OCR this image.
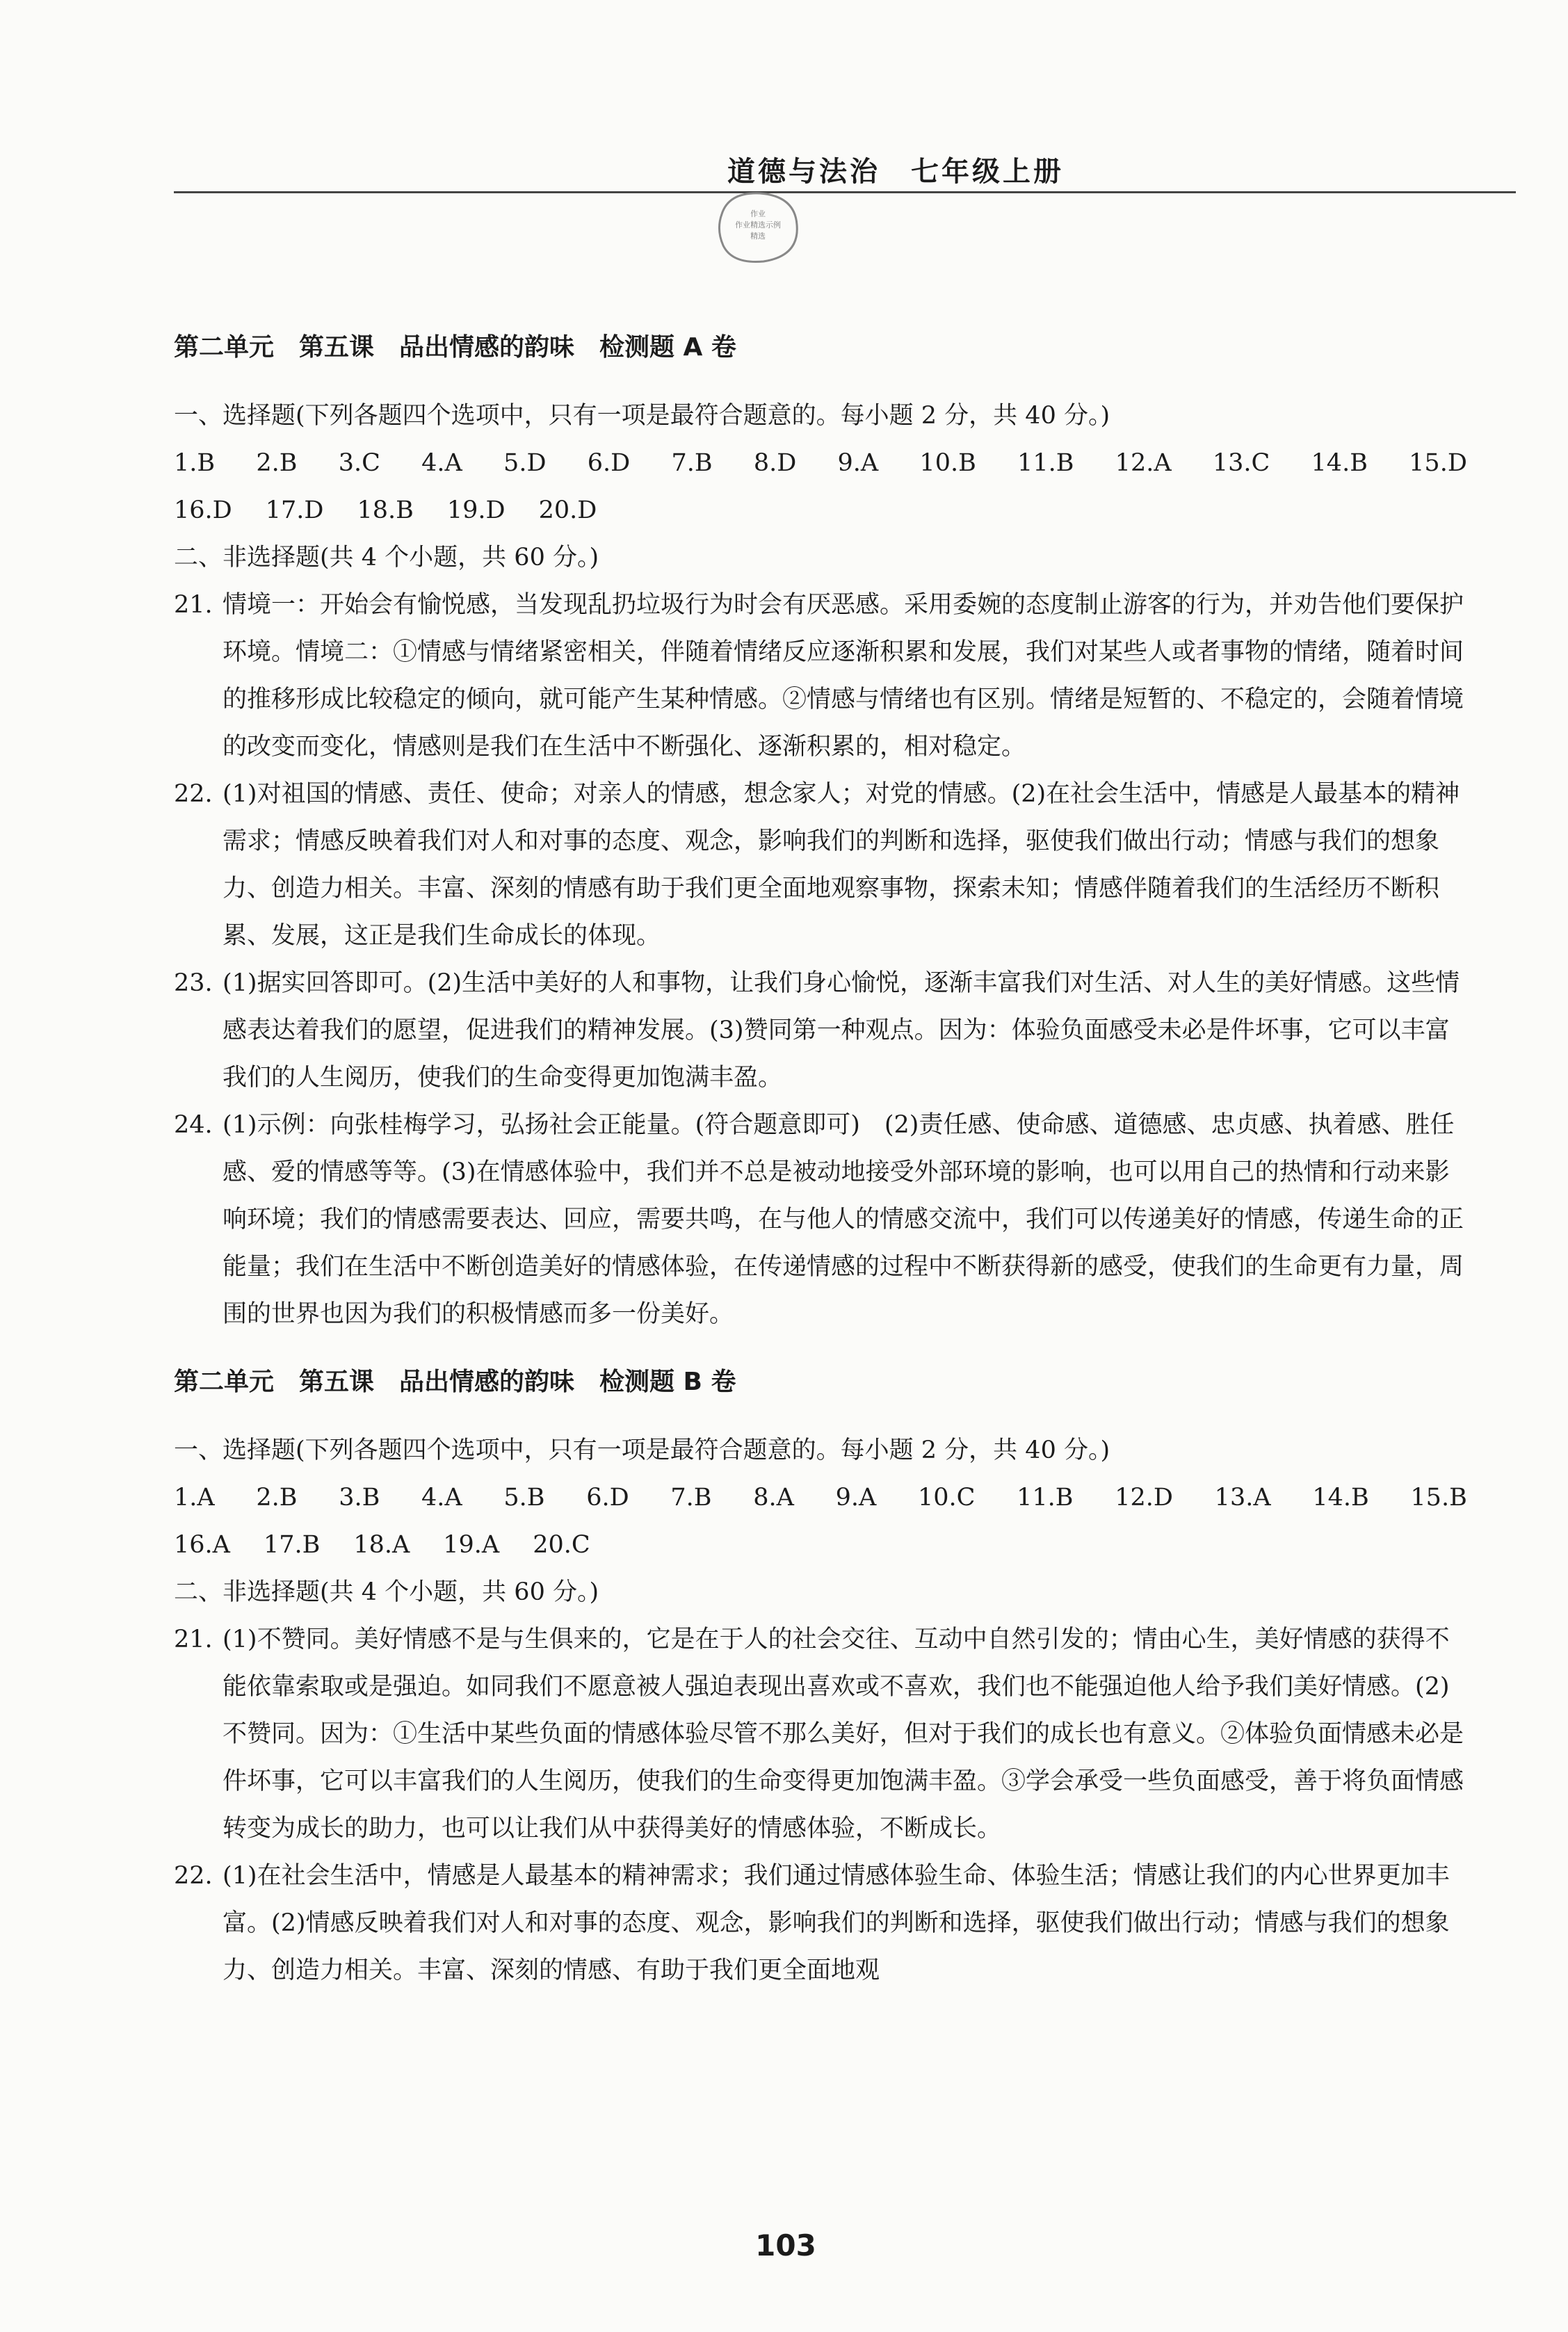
道德与法治　七年级上册
作业
作业精选示例
精选
第二单元　第五课　品出情感的韵味　检测题 A 卷
一、选择题(下列各题四个选项中，只有一项是最符合题意的。每小题 2 分，共 40 分。)
1.B 2.B 3.C 4.A 5.D 6.D 7.B 8.D 9.A 10.B 11.B 12.A 13.C 14.B 15.D
16.D 17.D 18.B 19.D 20.D
二、非选择题(共 4 个小题，共 60 分。)
21. 情境一：开始会有愉悦感，当发现乱扔垃圾行为时会有厌恶感。采用委婉的态度制止游客的行为，并劝告他们要保护环境。情境二：①情感与情绪紧密相关，伴随着情绪反应逐渐积累和发展，我们对某些人或者事物的情绪，随着时间的推移形成比较稳定的倾向，就可能产生某种情感。②情感与情绪也有区别。情绪是短暂的、不稳定的，会随着情境的改变而变化，情感则是我们在生活中不断强化、逐渐积累的，相对稳定。
22. (1)对祖国的情感、责任、使命；对亲人的情感，想念家人；对党的情感。(2)在社会生活中，情感是人最基本的精神需求；情感反映着我们对人和对事的态度、观念，影响我们的判断和选择，驱使我们做出行动；情感与我们的想象力、创造力相关。丰富、深刻的情感有助于我们更全面地观察事物，探索未知；情感伴随着我们的生活经历不断积累、发展，这正是我们生命成长的体现。
23. (1)据实回答即可。(2)生活中美好的人和事物，让我们身心愉悦，逐渐丰富我们对生活、对人生的美好情感。这些情感表达着我们的愿望，促进我们的精神发展。(3)赞同第一种观点。因为：体验负面感受未必是件坏事，它可以丰富我们的人生阅历，使我们的生命变得更加饱满丰盈。
24. (1)示例：向张桂梅学习，弘扬社会正能量。(符合题意即可)　(2)责任感、使命感、道德感、忠贞感、执着感、胜任感、爱的情感等等。(3)在情感体验中，我们并不总是被动地接受外部环境的影响，也可以用自己的热情和行动来影响环境；我们的情感需要表达、回应，需要共鸣，在与他人的情感交流中，我们可以传递美好的情感，传递生命的正能量；我们在生活中不断创造美好的情感体验，在传递情感的过程中不断获得新的感受，使我们的生命更有力量，周围的世界也因为我们的积极情感而多一份美好。
第二单元　第五课　品出情感的韵味　检测题 B 卷
一、选择题(下列各题四个选项中，只有一项是最符合题意的。每小题 2 分，共 40 分。)
1.A 2.B 3.B 4.A 5.B 6.D 7.B 8.A 9.A 10.C 11.B 12.D 13.A 14.B 15.B
16.A 17.B 18.A 19.A 20.C
二、非选择题(共 4 个小题，共 60 分。)
21. (1)不赞同。美好情感不是与生俱来的，它是在于人的社会交往、互动中自然引发的；情由心生，美好情感的获得不能依靠索取或是强迫。如同我们不愿意被人强迫表现出喜欢或不喜欢，我们也不能强迫他人给予我们美好情感。(2)不赞同。因为：①生活中某些负面的情感体验尽管不那么美好，但对于我们的成长也有意义。②体验负面情感未必是件坏事，它可以丰富我们的人生阅历，使我们的生命变得更加饱满丰盈。③学会承受一些负面感受，善于将负面情感转变为成长的助力，也可以让我们从中获得美好的情感体验，不断成长。
22. (1)在社会生活中，情感是人最基本的精神需求；我们通过情感体验生命、体验生活；情感让我们的内心世界更加丰富。(2)情感反映着我们对人和对事的态度、观念，影响我们的判断和选择，驱使我们做出行动；情感与我们的想象力、创造力相关。丰富、深刻的情感、有助于我们更全面地观
103
